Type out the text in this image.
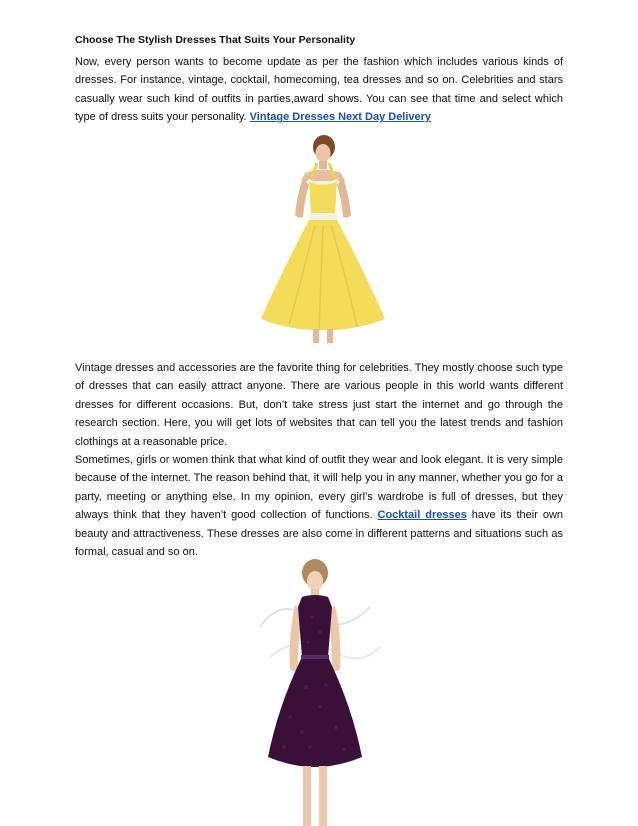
Choose The Stylish Dresses That Suits Your Personality

Now, every person wants to become update as per the fashion which includes various kinds of dresses. For instance, vintage, cocktail, homecoming, tea dresses and so on. Celebrities and stars casually wear such kind of outfits in parties,award shows. You can see that time and select which type of dress suits your personality. Vintage Dresses Next Day Delivery

Vintage dresses and accessories are the favorite thing for celebrities. They mostly choose such type of dresses that can easily attract anyone. There are various people in this world wants different dresses for different occasions. But, don’t take stress just start the internet and go through the research section. Here, you will get lots of websites that can tell you the latest trends and fashion clothings at a reasonable price.

Sometimes, girls or women think that what kind of outfit they wear and look elegant. It is very simple because of the internet. The reason behind that, it will help you in any manner, whether you go for a party, meeting or anything else. In my opinion, every girl’s wardrobe is full of dresses, but they always think that they haven’t good collection of functions. Cocktail dresses have its their own beauty and attractiveness. These dresses are also come in different patterns and situations such as formal, casual and so on.
